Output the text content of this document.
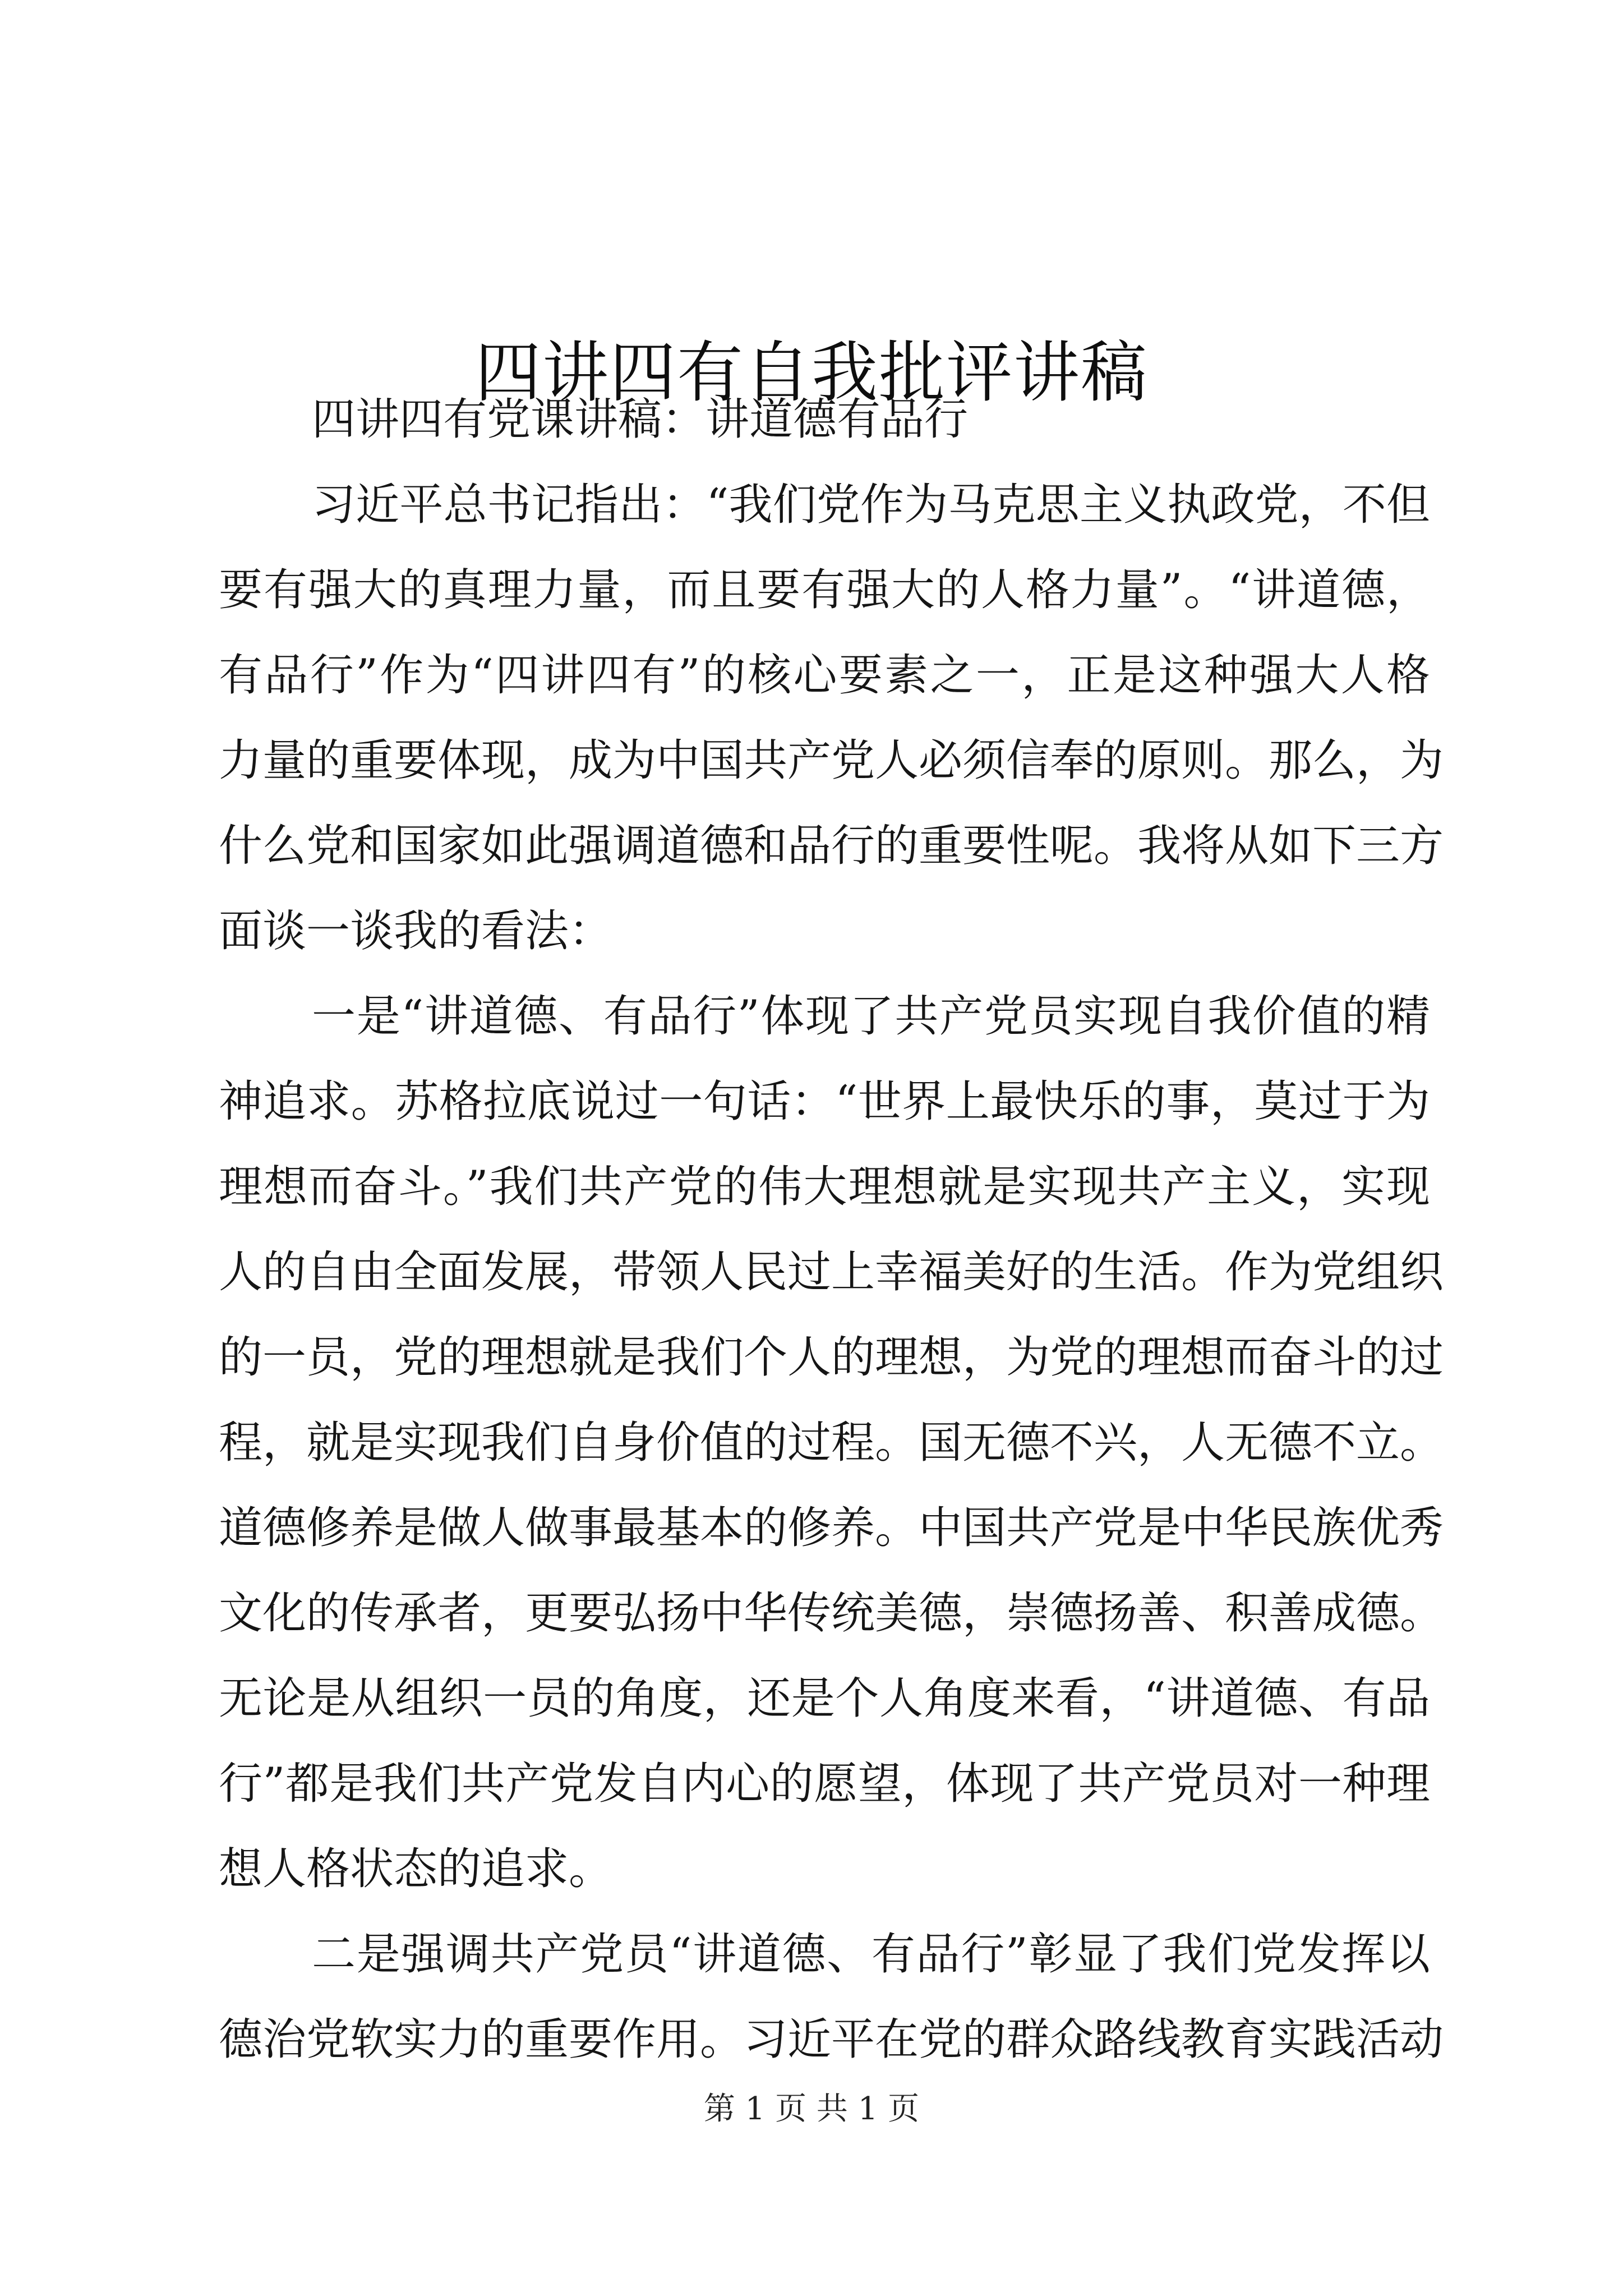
四讲四有自我批评讲稿
四讲四有党课讲稿：讲道德有品行
习近平总书记指出：“我们党作为马克思主义执政党，不但
要有强大的真理力量，而且要有强大的人格力量”。“讲道德，
有品行”作为“四讲四有”的核心要素之一，正是这种强大人格
力量的重要体现，成为中国共产党人必须信奉的原则。那么，为
什么党和国家如此强调道德和品行的重要性呢。我将从如下三方
面谈一谈我的看法：
一是“讲道德、有品行”体现了共产党员实现自我价值的精
神追求。苏格拉底说过一句话：“世界上最快乐的事，莫过于为
理想而奋斗。”我们共产党的伟大理想就是实现共产主义，实现
人的自由全面发展，带领人民过上幸福美好的生活。作为党组织
的一员，党的理想就是我们个人的理想，为党的理想而奋斗的过
程，就是实现我们自身价值的过程。国无德不兴，人无德不立。
道德修养是做人做事最基本的修养。中国共产党是中华民族优秀
文化的传承者，更要弘扬中华传统美德，崇德扬善、积善成德。
无论是从组织一员的角度，还是个人角度来看，“讲道德、有品
行”都是我们共产党发自内心的愿望，体现了共产党员对一种理
想人格状态的追求。
二是强调共产党员“讲道德、有品行”彰显了我们党发挥以
德治党软实力的重要作用。习近平在党的群众路线教育实践活动
第 1 页 共 1 页
